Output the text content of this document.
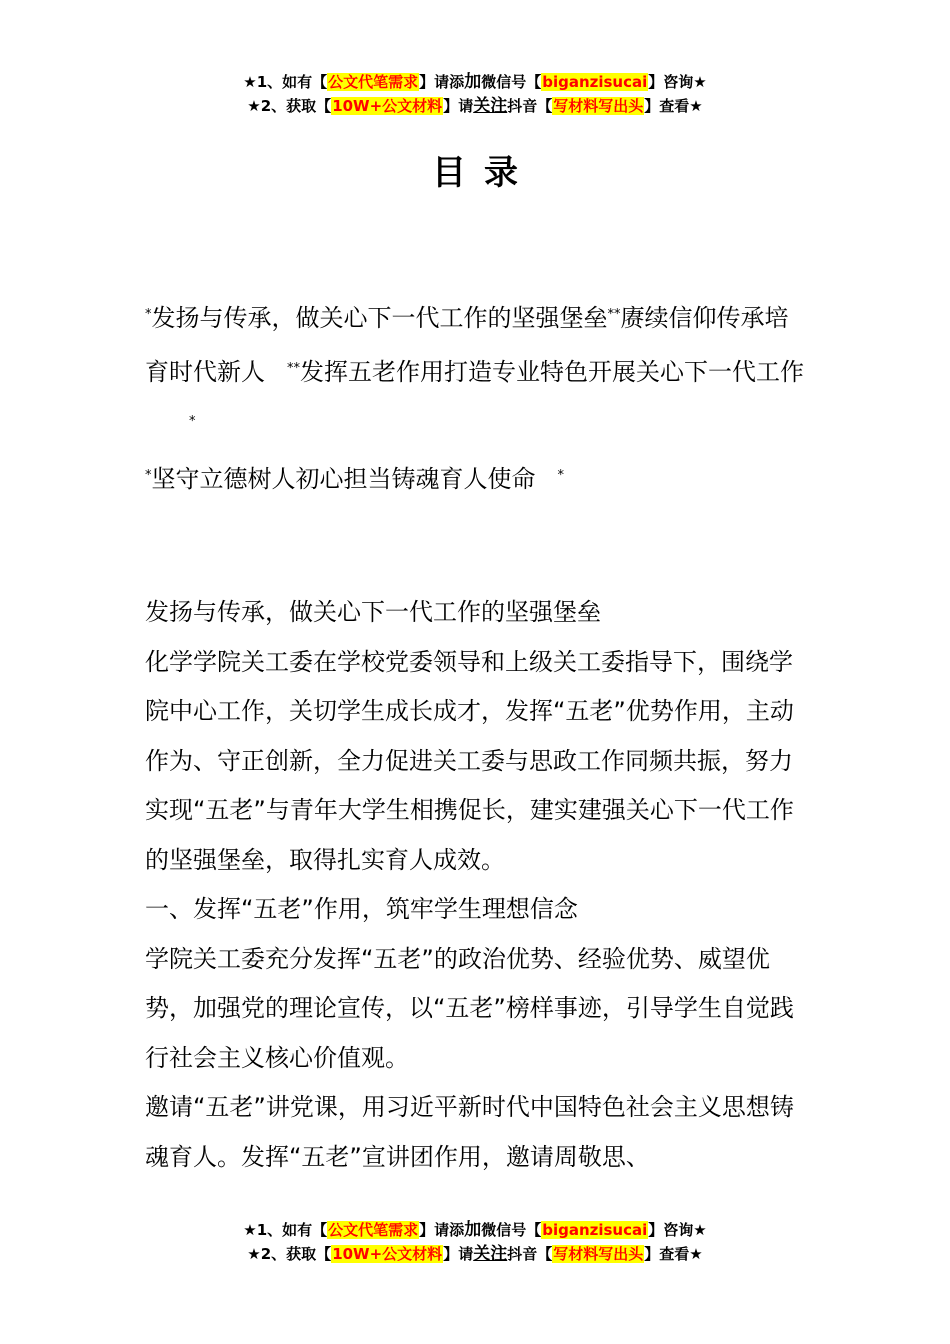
★1、如有【公文代笔需求】请添加微信号【biganzisucai】咨询★
★2、获取【10W+公文材料】请关注抖音【写材料写出头】查看★
目录

*发扬与传承，做关心下一代工作的坚强堡垒**赓续信仰传承培育时代新人 **发挥五老作用打造专业特色开展关心下一代工作*

*坚守立德树人初心担当铸魂育人使命 *

发扬与传承，做关心下一代工作的坚强堡垒

化学学院关工委在学校党委领导和上级关工委指导下，围绕学院中心工作，关切学生成长成才，发挥“五老”优势作用，主动作为、守正创新，全力促进关工委与思政工作同频共振，努力实现“五老”与青年大学生相携促长，建实建强关心下一代工作的坚强堡垒，取得扎实育人成效。

一、发挥“五老”作用，筑牢学生理想信念

学院关工委充分发挥“五老”的政治优势、经验优势、威望优势，加强党的理论宣传，以“五老”榜样事迹，引导学生自觉践行社会主义核心价值观。

邀请“五老”讲党课，用习近平新时代中国特色社会主义思想铸魂育人。发挥“五老”宣讲团作用，邀请周敬思、

★1、如有【公文代笔需求】请添加微信号【biganzisucai】咨询★
★2、获取【10W+公文材料】请关注抖音【写材料写出头】查看★
